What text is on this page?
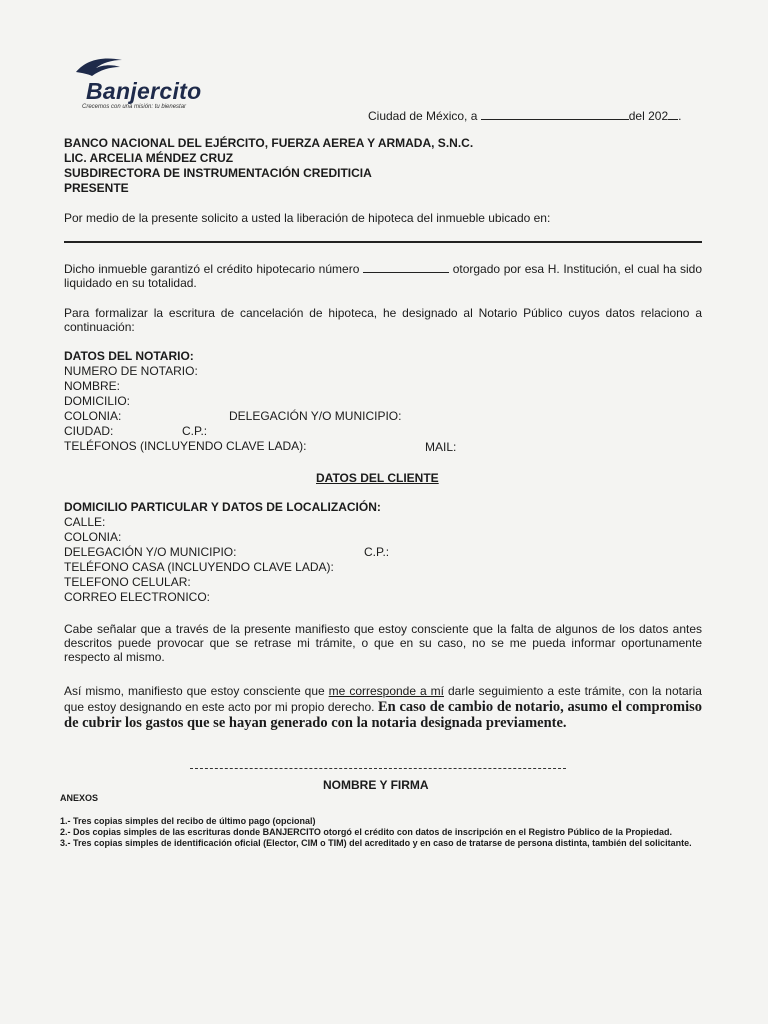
Banjercito
Crecemos con una misión: tu bienestar
Ciudad de México, a	del 202 .
BANCO NACIONAL DEL EJÉRCITO, FUERZA AEREA Y ARMADA, S.N.C.
LIC. ARCELIA MÉNDEZ CRUZ
SUBDIRECTORA DE INSTRUMENTACIÓN CREDITICIA
PRESENTE
Por medio de la presente solicito a usted la liberación de hipoteca del inmueble ubicado en:
Dicho inmueble garantizó el crédito hipotecario número	otorgado por esa H. Institución, el cual ha sido liquidado en su totalidad.
Para formalizar la escritura de cancelación de hipoteca, he designado al Notario Público cuyos datos relaciono a continuación:
DATOS DEL NOTARIO:
NUMERO DE NOTARIO:
NOMBRE:
DOMICILIO:
COLONIA:	DELEGACIÓN Y/O MUNICIPIO:
CIUDAD:	C.P.:
TELÉFONOS (INCLUYENDO CLAVE LADA):	MAIL:
DATOS DEL CLIENTE
DOMICILIO PARTICULAR Y DATOS DE LOCALIZACIÓN:
CALLE:
COLONIA:
DELEGACIÓN Y/O MUNICIPIO:	C.P.:
TELÉFONO CASA (INCLUYENDO CLAVE LADA):
TELEFONO CELULAR:
CORREO ELECTRONICO:
Cabe señalar que a través de la presente manifiesto que estoy consciente que la falta de algunos de los datos antes descritos puede provocar que se retrase mi trámite, o que en su caso, no se me pueda informar oportunamente respecto al mismo.
Así mismo, manifiesto que estoy consciente que me corresponde a mí darle seguimiento a este trámite, con la notaria que estoy designando en este acto por mi propio derecho. En caso de cambio de notario, asumo el compromiso de cubrir los gastos que se hayan generado con la notaria designada previamente.
NOMBRE Y FIRMA
ANEXOS
1.- Tres copias simples del recibo de último pago (opcional)
2.- Dos copias simples de las escrituras donde BANJERCITO otorgó el crédito con datos de inscripción en el Registro Público de la Propiedad.
3.- Tres copias simples de identificación oficial (Elector, CIM o TIM) del acreditado y en caso de tratarse de persona distinta, también del solicitante.
